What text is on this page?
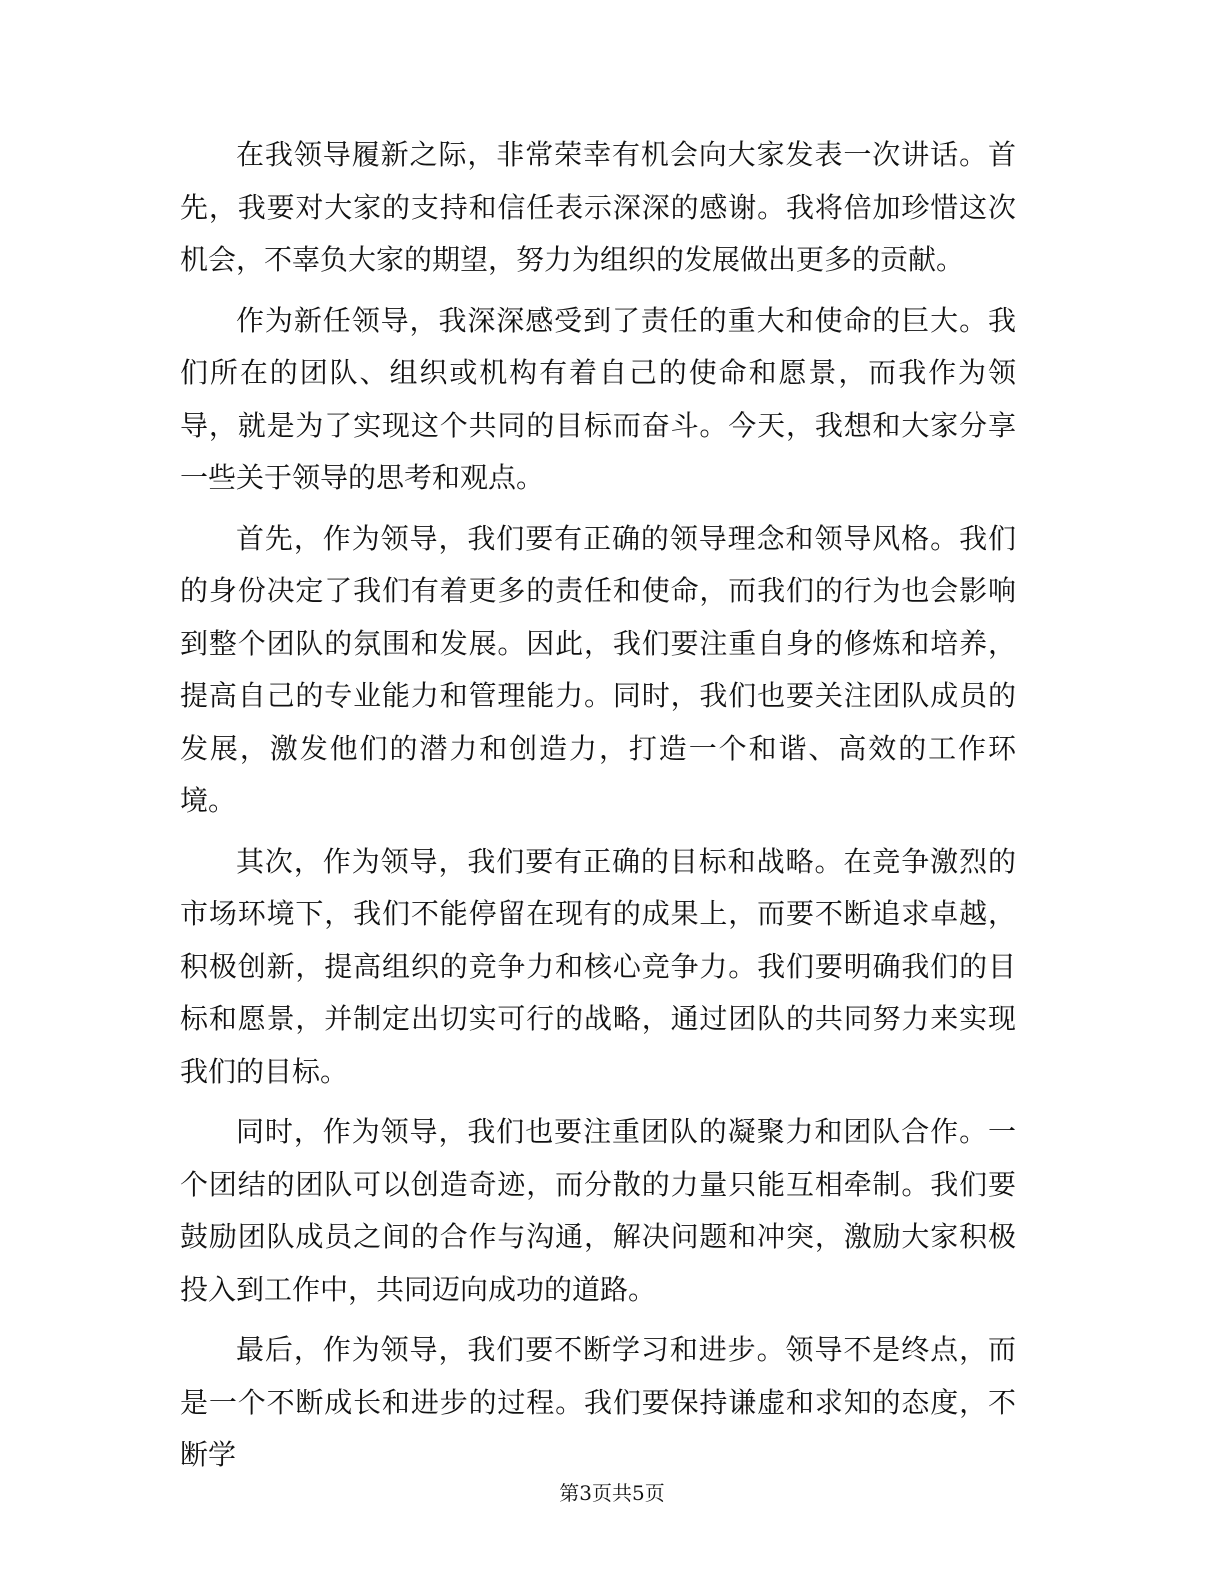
在我领导履新之际，非常荣幸有机会向大家发表一次讲话。首先，我要对大家的支持和信任表示深深的感谢。我将倍加珍惜这次机会，不辜负大家的期望，努力为组织的发展做出更多的贡献。

作为新任领导，我深深感受到了责任的重大和使命的巨大。我们所在的团队、组织或机构有着自己的使命和愿景，而我作为领导，就是为了实现这个共同的目标而奋斗。今天，我想和大家分享一些关于领导的思考和观点。

首先，作为领导，我们要有正确的领导理念和领导风格。我们的身份决定了我们有着更多的责任和使命，而我们的行为也会影响到整个团队的氛围和发展。因此，我们要注重自身的修炼和培养，提高自己的专业能力和管理能力。同时，我们也要关注团队成员的发展，激发他们的潜力和创造力，打造一个和谐、高效的工作环境。

其次，作为领导，我们要有正确的目标和战略。在竞争激烈的市场环境下，我们不能停留在现有的成果上，而要不断追求卓越，积极创新，提高组织的竞争力和核心竞争力。我们要明确我们的目标和愿景，并制定出切实可行的战略，通过团队的共同努力来实现我们的目标。

同时，作为领导，我们也要注重团队的凝聚力和团队合作。一个团结的团队可以创造奇迹，而分散的力量只能互相牵制。我们要鼓励团队成员之间的合作与沟通，解决问题和冲突，激励大家积极投入到工作中，共同迈向成功的道路。

最后，作为领导，我们要不断学习和进步。领导不是终点，而是一个不断成长和进步的过程。我们要保持谦虚和求知的态度，不断学

第3页共5页
